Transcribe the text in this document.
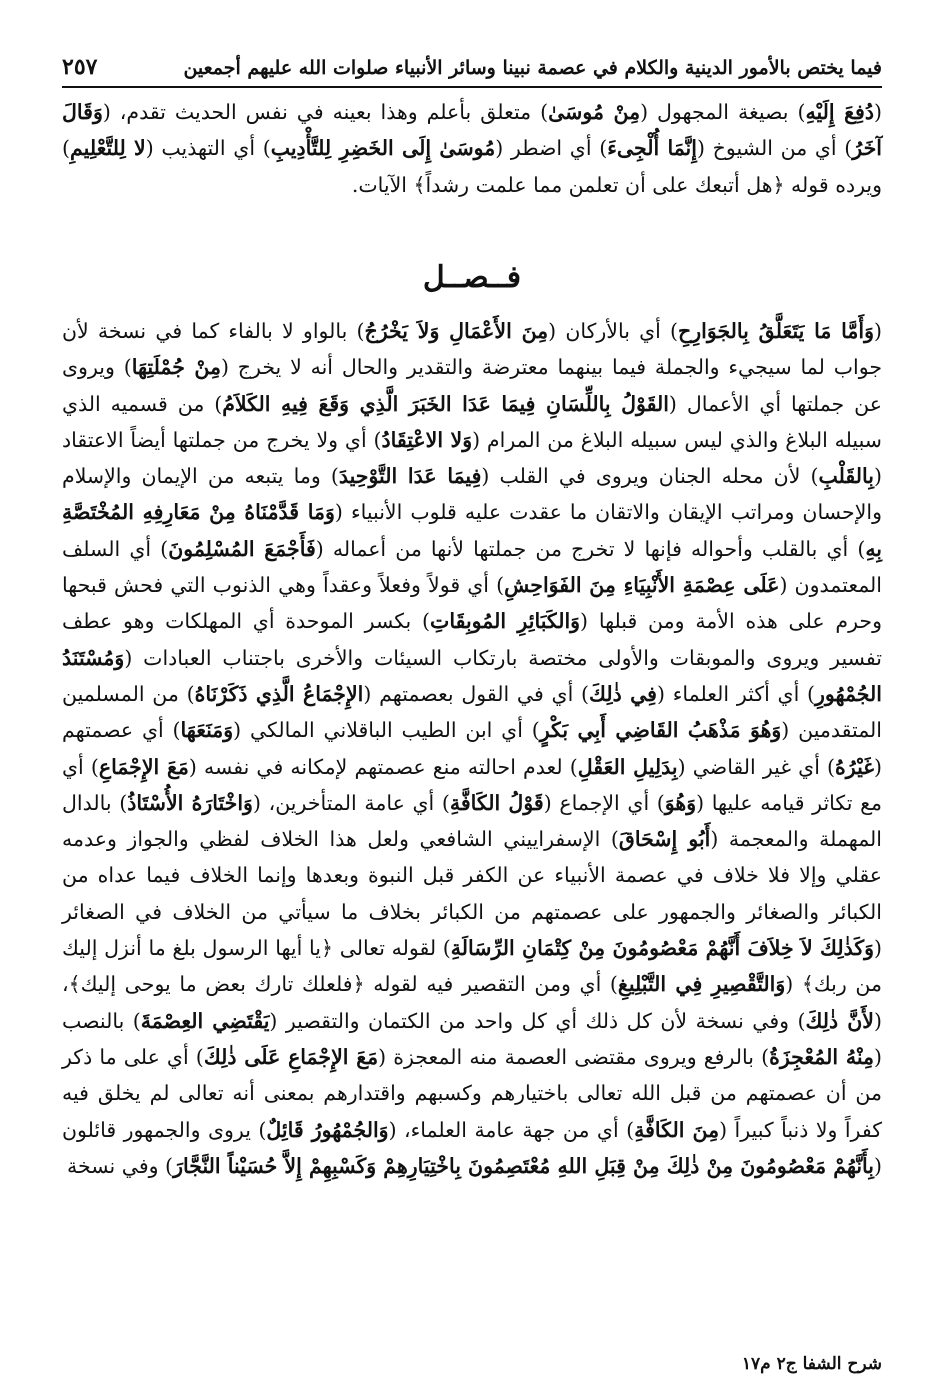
فيما يختص بالأمور الدينية والكلام في عصمة نبينا وسائر الأنبياء صلوات الله عليهم أجمعين
٢٥٧
(دُفِعَ إِلَيْهِ) بصيغة المجهول (مِنْ مُوسَىٰ) متعلق بأعلم وهذا بعينه في نفس الحديث تقدم، (وَقَالَ آخَرُ) أي من الشيوخ (إِنَّمَا أُلْجِىءَ) أي اضطر (مُوسَىٰ إِلَى الخَضِرِ لِلتَّأْدِيبِ) أي التهذيب (لا لِلتَّعْلِيمِ) ويرده قوله ﴿هل أتبعك على أن تعلمن مما علمت رشداً﴾ الآيات.
فــصــل
(وَأَمَّا مَا يَتَعَلَّقُ بِالجَوَارِحِ) أي بالأركان (مِنَ الأَعْمَالِ وَلاَ يَخْرُجُ) بالواو لا بالفاء كما في نسخة لأن جواب لما سيجيء والجملة فيما بينهما معترضة والتقدير والحال أنه لا يخرج (مِنْ جُمْلَتِهَا) ويروى عن جملتها أي الأعمال (القَوْلُ بِاللِّسَانِ فِيمَا عَدَا الخَبَرَ الَّذِي وَقَعَ فِيهِ الكَلاَمُ) من قسميه الذي سبيله البلاغ والذي ليس سبيله البلاغ من المرام (وَلا الاعْتِقَادُ) أي ولا يخرج من جملتها أيضاً الاعتقاد (بِالقَلْبِ) لأن محله الجنان ويروى في القلب (فِيمَا عَدَا التَّوْحِيدَ) وما يتبعه من الإيمان والإسلام والإحسان ومراتب الإيقان والاتقان ما عقدت عليه قلوب الأنبياء (وَمَا قَدَّمْنَاهُ مِنْ مَعَارِفِهِ المُخْتَصَّةِ بِهِ) أي بالقلب وأحواله فإنها لا تخرج من جملتها لأنها من أعماله (فَأَجْمَعَ المُسْلِمُونَ) أي السلف المعتمدون (عَلَى عِصْمَةِ الأَنْبِيَاءِ مِنَ الفَوَاحِشِ) أي قولاً وفعلاً وعقداً وهي الذنوب التي فحش قبحها وحرم على هذه الأمة ومن قبلها (وَالكَبَائِرِ المُوبِقَاتِ) بكسر الموحدة أي المهلكات وهو عطف تفسير ويروى والموبقات والأولى مختصة بارتكاب السيئات والأخرى باجتناب العبادات (وَمُسْتَنَدُ الجُمْهُورِ) أي أكثر العلماء (فِي ذٰلِكَ) أي في القول بعصمتهم (الإِجْمَاعُ الَّذِي ذَكَرْنَاهُ) من المسلمين المتقدمين (وَهُوَ مَذْهَبُ القَاضِي أَبِي بَكْرٍ) أي ابن الطيب الباقلاني المالكي (وَمَنَعَهَا) أي عصمتهم (غَيْرُهُ) أي غير القاضي (بِدَلِيلِ العَقْلِ) لعدم احالته منع عصمتهم لإمكانه في نفسه (مَعَ الإِجْمَاعِ) أي مع تكاثر قيامه عليها (وَهُوَ) أي الإجماع (قَوْلُ الكَافَّةِ) أي عامة المتأخرين، (وَاخْتَارَهُ الأُسْتَاذُ) بالدال المهملة والمعجمة (أَبُو إِسْحَاقَ) الإسفراييني الشافعي ولعل هذا الخلاف لفظي والجواز وعدمه عقلي وإلا فلا خلاف في عصمة الأنبياء عن الكفر قبل النبوة وبعدها وإنما الخلاف فيما عداه من الكبائر والصغائر والجمهور على عصمتهم من الكبائر بخلاف ما سيأتي من الخلاف في الصغائر (وَكَذٰلِكَ لاَ خِلاَفَ أَنَّهُمْ مَعْصُومُونَ مِنْ كِتْمَانِ الرِّسَالَةِ) لقوله تعالى ﴿يا أيها الرسول بلغ ما أنزل إليك من ربك﴾ (وَالتَّقْصِيرِ فِي التَّبْلِيغِ) أي ومن التقصير فيه لقوله ﴿فلعلك تارك بعض ما يوحى إليك﴾، (لأَنَّ ذٰلِكَ) وفي نسخة لأن كل ذلك أي كل واحد من الكتمان والتقصير (يَقْتَضِي العِصْمَةَ) بالنصب (مِنْهُ المُعْجِزَةُ) بالرفع ويروى مقتضى العصمة منه المعجزة (مَعَ الإِجْمَاعِ عَلَى ذٰلِكَ) أي على ما ذكر من أن عصمتهم من قبل الله تعالى باختيارهم وكسبهم واقتدارهم بمعنى أنه تعالى لم يخلق فيه كفراً ولا ذنباً كبيراً (مِنَ الكَافَّةِ) أي من جهة عامة العلماء، (وَالجُمْهُورُ قَائِلٌ) يروى والجمهور قائلون (بِأَنَّهُمْ مَعْصُومُونَ مِنْ ذٰلِكَ مِنْ قِبَلِ اللهِ مُعْتَصِمُونَ بِاخْتِيَارِهِمْ وَكَسْبِهِمْ إِلاَّ حُسَيْناً النَّجَّارَ) وفي نسخة
شرح الشفا ج٢ م١٧
